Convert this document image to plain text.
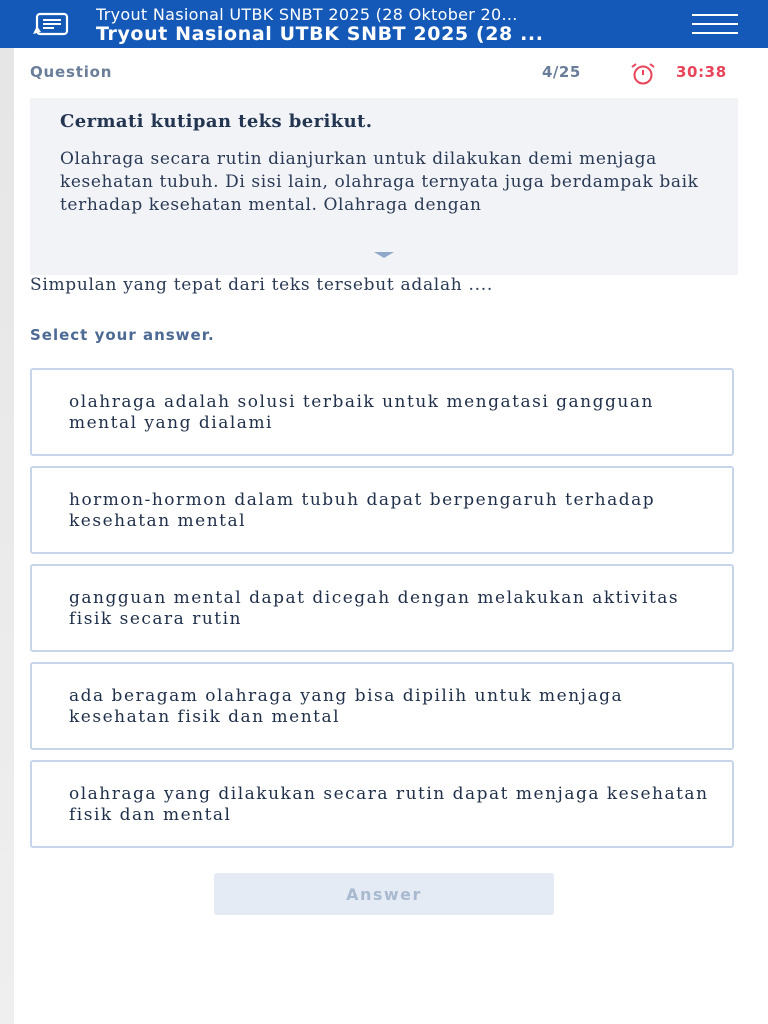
Tryout Nasional UTBK SNBT 2025 (28 Oktober 20...
Tryout Nasional UTBK SNBT 2025 (28 ...
Question	4/25	30:38
Cermati kutipan teks berikut.
Olahraga secara rutin dianjurkan untuk dilakukan demi menjaga kesehatan tubuh. Di sisi lain, olahraga ternyata juga berdampak baik terhadap kesehatan mental. Olahraga dengan
Simpulan yang tepat dari teks tersebut adalah ....
Select your answer.
olahraga adalah solusi terbaik untuk mengatasi gangguan mental yang dialami
hormon-hormon dalam tubuh dapat berpengaruh terhadap kesehatan mental
gangguan mental dapat dicegah dengan melakukan aktivitas fisik secara rutin
ada beragam olahraga yang bisa dipilih untuk menjaga kesehatan fisik dan mental
olahraga yang dilakukan secara rutin dapat menjaga kesehatan fisik dan mental
Answer
